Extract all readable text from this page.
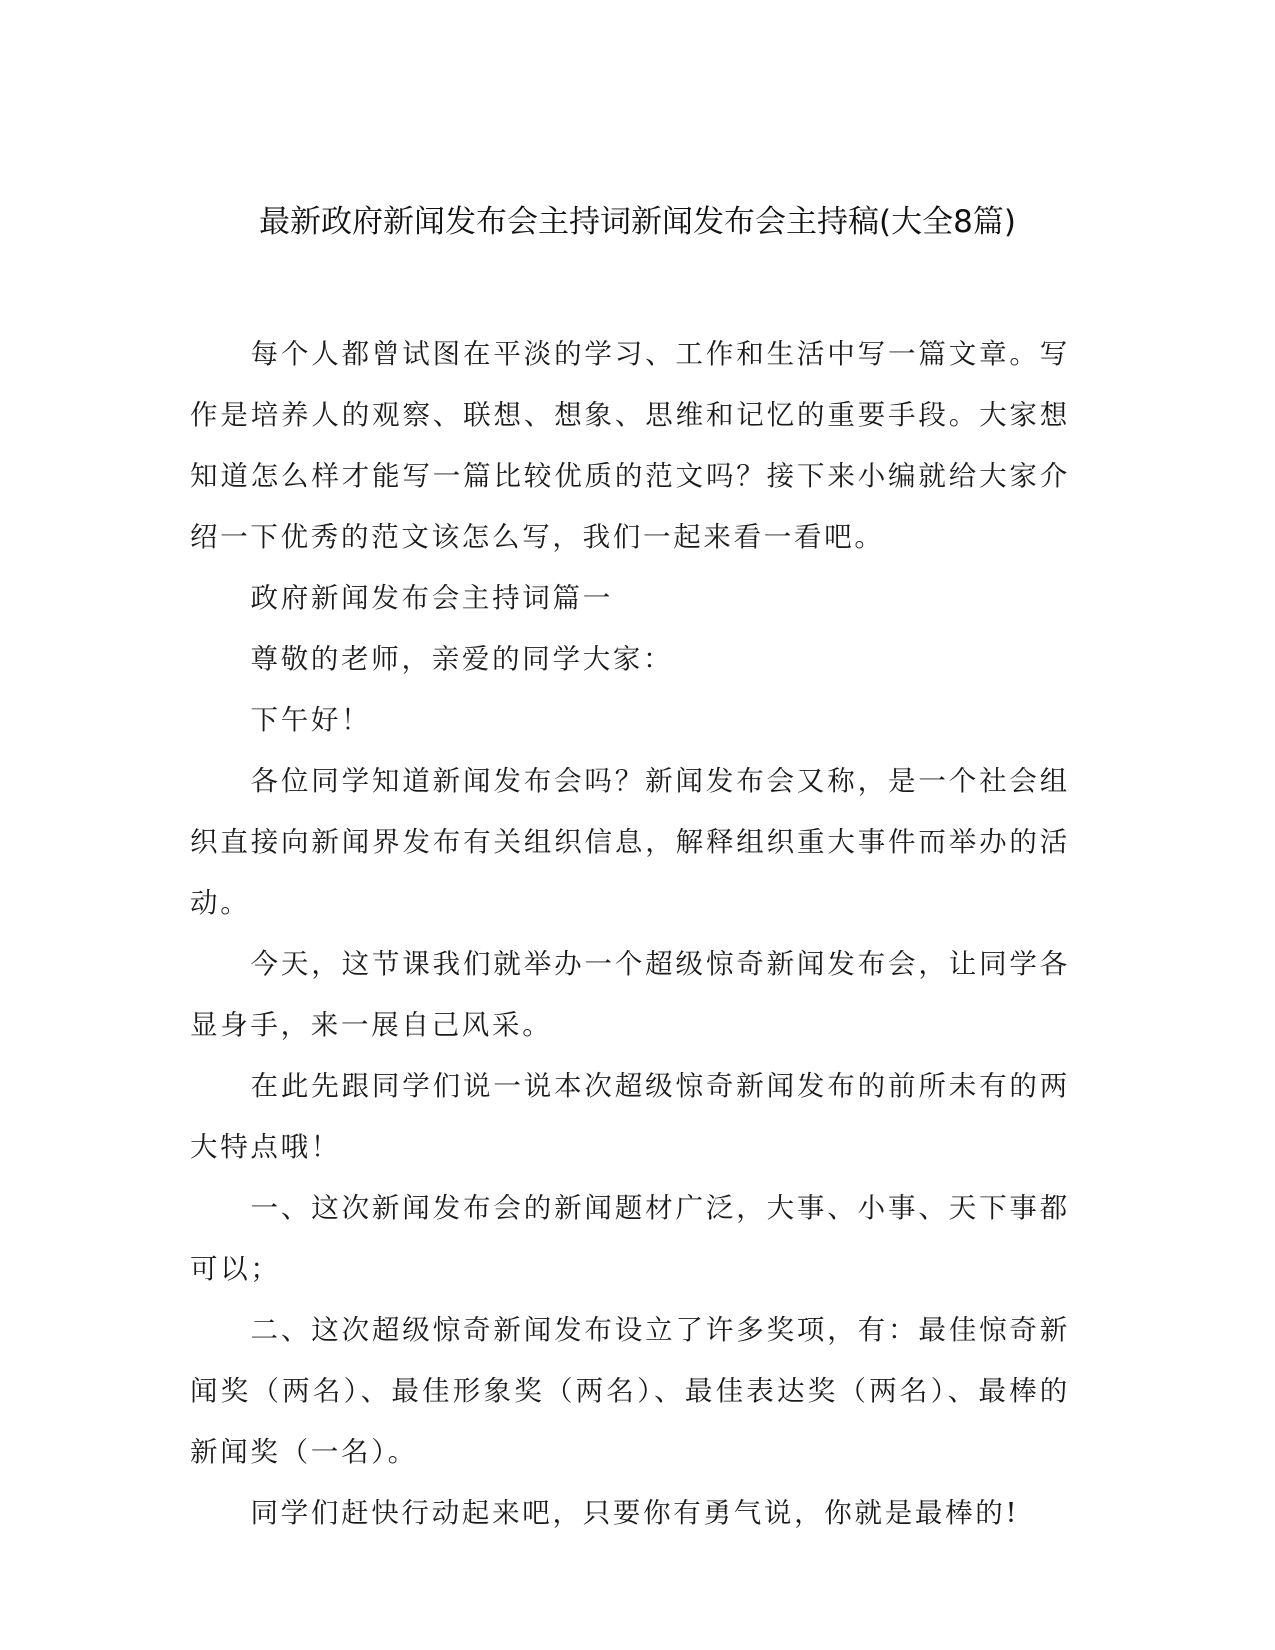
最新政府新闻发布会主持词新闻发布会主持稿(大全8篇)

每个人都曾试图在平淡的学习、工作和生活中写一篇文章。写作是培养人的观察、联想、想象、思维和记忆的重要手段。大家想知道怎么样才能写一篇比较优质的范文吗？接下来小编就给大家介绍一下优秀的范文该怎么写，我们一起来看一看吧。

政府新闻发布会主持词篇一

尊敬的老师，亲爱的同学大家：

下午好！

各位同学知道新闻发布会吗？新闻发布会又称，是一个社会组织直接向新闻界发布有关组织信息，解释组织重大事件而举办的活动。

今天，这节课我们就举办一个超级惊奇新闻发布会，让同学各显身手，来一展自己风采。

在此先跟同学们说一说本次超级惊奇新闻发布的前所未有的两大特点哦！

一、这次新闻发布会的新闻题材广泛，大事、小事、天下事都可以；

二、这次超级惊奇新闻发布设立了许多奖项，有：最佳惊奇新闻奖（两名）、最佳形象奖（两名）、最佳表达奖（两名）、最棒的新闻奖（一名）。

同学们赶快行动起来吧，只要你有勇气说，你就是最棒的!
